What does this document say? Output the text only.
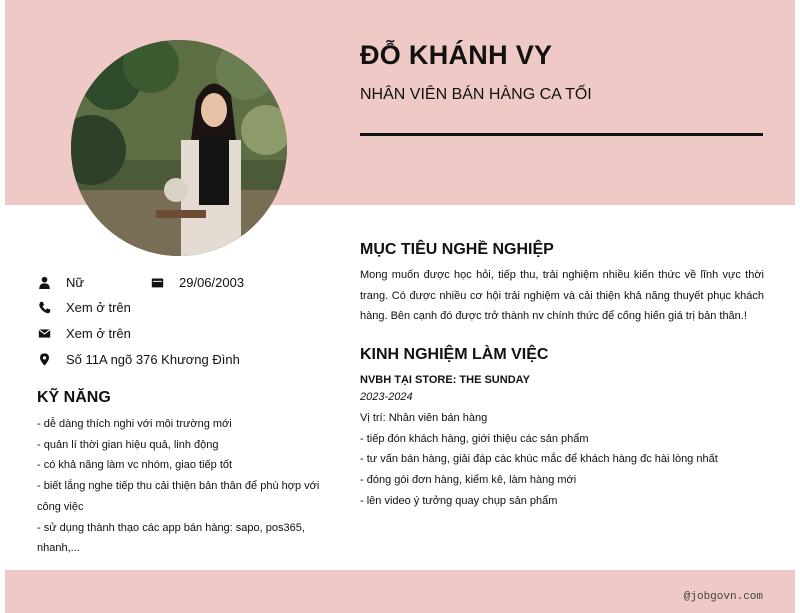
ĐỖ KHÁNH VY
NHÂN VIÊN BÁN HÀNG CA TỐI
Nữ	29/06/2003
Xem ở trên
Xem ở trên
Số 11A ngõ 376 Khương Đình
KỸ NĂNG
- dễ dàng thích nghi với môi trường mới
- quản lí thời gian hiệu quả, linh động
- có khả năng làm vc nhóm, giao tiếp tốt
- biết lắng nghe tiếp thu cải thiện bản thân để phù hợp với công việc
- sử dụng thành thạo các app bán hàng: sapo, pos365, nhanh,...
MỤC TIÊU NGHỀ NGHIỆP
Mong muốn được học hỏi, tiếp thu, trải nghiệm nhiều kiến thức về lĩnh vực thời trang. Có được nhiều cơ hội trải nghiệm và cải thiện khả năng thuyết phục khách hàng. Bên cạnh đó được trở thành nv chính thức để cống hiến giá trị bản thân.!
KINH NGHIỆM LÀM VIỆC
NVBH TẠI STORE: THE SUNDAY
2023-2024
Vị trí: Nhân viên bán hàng
- tiếp đón khách hàng, giới thiệu các sản phẩm
- tư vấn bán hàng, giải đáp các khúc mắc để khách hàng đc hài lòng nhất
- đóng gói đơn hàng, kiểm kê, làm hàng mới
- lên video ý tưởng quay chụp sản phẩm
@jobgovn.com
